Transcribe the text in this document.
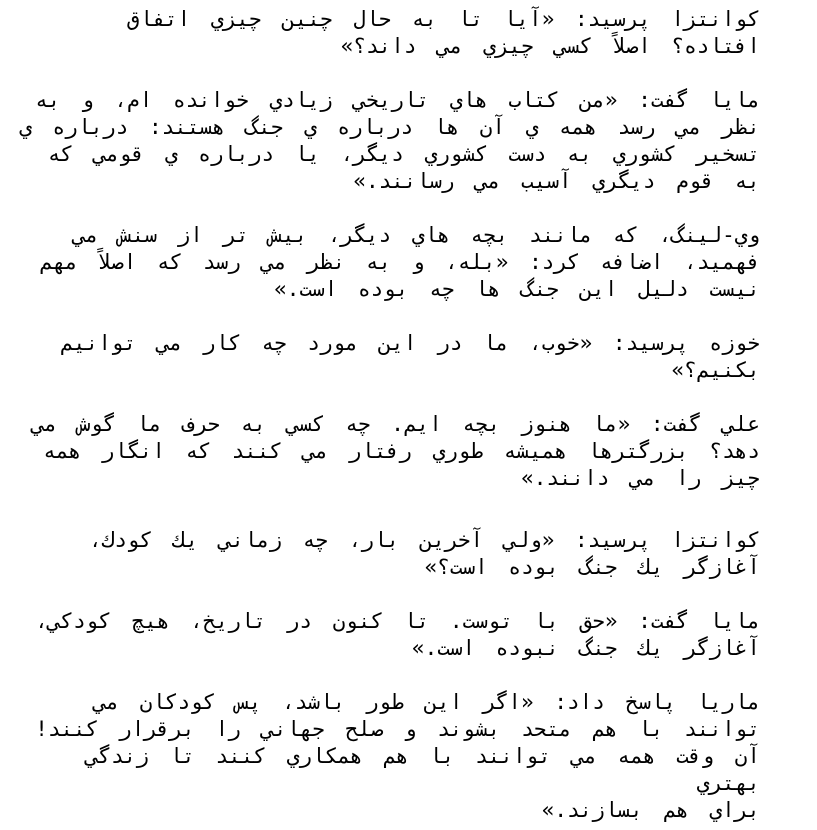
كوانتزا پرسيد: «آيا تا به حال چنين چيزي اتفاق
افتاده؟ اصلاً كسي چيزي مي داند؟»

مايا گفت: «من كتاب هاي تاريخي زيادي خوانده ام، و به
نظر مي رسد همه ي آن ها درباره ي جنگ هستند: درباره ي
تسخير كشوري به دست كشوري ديگر، يا درباره ي قومي كه
به قوم ديگري آسيب مي رسانند.»

وي-لينگ، كه مانند بچه هاي ديگر، بيش تر از سنش مي
فهميد، اضافه كرد: «بله، و به نظر مي رسد كه اصلاً مهم
نيست دليل اين جنگ ها چه بوده است.»

خوزه پرسيد: «خوب، ما در اين مورد چه كار مي توانيم
بكنيم؟»

علي گفت: «ما هنوز بچه ايم. چه كسي به حرف ما گوش مي
دهد؟ بزرگترها هميشه طوري رفتار مي كنند كه انگار همه
چيز را مي دانند.»

كوانتزا پرسيد: «ولي آخرين بار، چه زماني يك كودك،
آغازگر يك جنگ بوده است؟»

مايا گفت: «حق با توست. تا كنون در تاريخ، هيچ كودكي،
آغازگر يك جنگ نبوده است.»

ماريا پاسخ داد: «اگر اين طور باشد، پس كودكان مي
توانند با هم متحد بشوند و صلح جهاني را برقرار كنند!
آن وقت همه مي توانند با هم همكاري كنند تا زندگي بهتري
براي هم بسازند.»
